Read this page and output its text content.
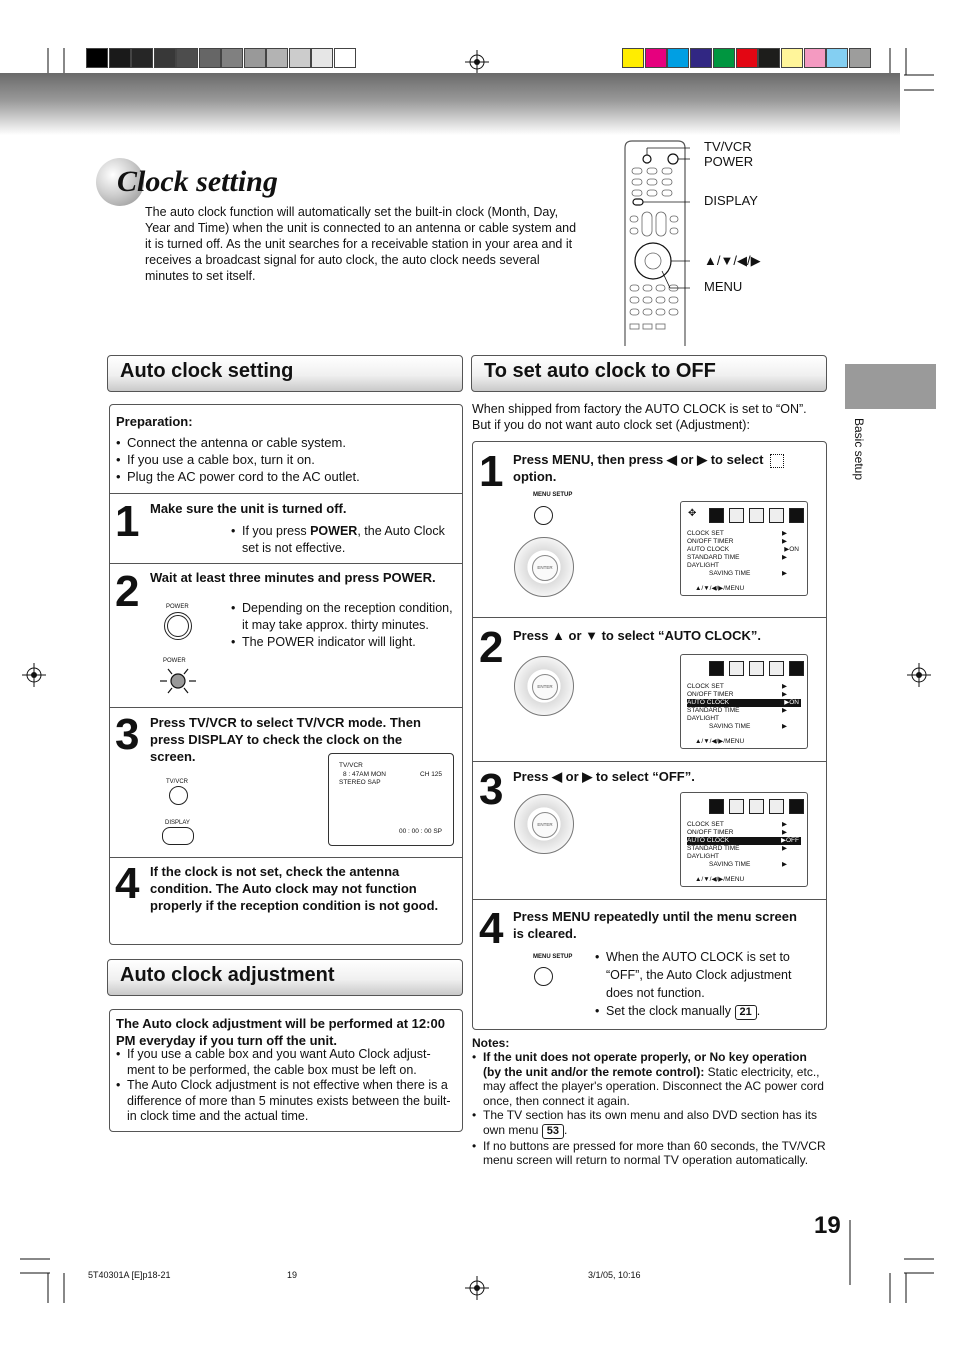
Clock setting
The auto clock function will automatically set the built-in clock (Month, Day, Year and Time) when the unit is connected to an antenna or cable system and it is turned off. As the unit searches for a receivable station in your area and it receives a broadcast signal for auto clock, the auto clock needs several minutes to set itself.
TV/VCR
POWER
DISPLAY
▲/▼/◀/▶
MENU
Basic setup
Auto clock setting
Preparation:
• Connect the antenna or cable system.
• If you use a cable box, turn it on.
• Plug the AC power cord to the AC outlet.
1 Make sure the unit is turned off.
• If you press POWER, the Auto Clock set is not effective.
2 Wait at least three minutes and press POWER.
POWER
POWER
• Depending on the reception condition, it may take approx. thirty minutes.
• The POWER indicator will light.
3 Press TV/VCR to select TV/VCR mode. Then press DISPLAY to check the clock on the screen.
TV/VCR
DISPLAY
TV/VCR
8 : 47AM MON	CH 125
STEREO SAP
00 : 00 : 00 SP
4 If the clock is not set, check the antenna condition. The Auto clock may not function properly if the reception condition is not good.
Auto clock adjustment
The Auto clock adjustment will be performed at 12:00 PM everyday if you turn off the unit.
• If you use a cable box and you want Auto Clock adjust-ment to be performed, the cable box must be left on.
• The Auto Clock adjustment is not effective when there is a difference of more than 5 minutes exists between the built-in clock time and the actual time.
To set auto clock to OFF
When shipped from factory the AUTO CLOCK is set to “ON”. But if you do not want auto clock set (Adjustment):
1 Press MENU, then press ◀ or ▶ to select
option.
MENU SETUP
ENTER
✥
CLOCK SET	▶
ON/OFF TIMER	▶
AUTO CLOCK	▶ON
STANDARD TIME	▶
DAYLIGHT
SAVING TIME	▶
▲/▼/◀/▶/MENU
2 Press ▲ or ▼ to select “AUTO CLOCK”.
ENTER	CLOCK SET	▶
ON/OFF TIMER	▶
AUTO CLOCK	▶ON
STANDARD TIME	▶
DAYLIGHT
SAVING TIME	▶
▲/▼/◀/▶/MENU
3 Press ◀ or ▶ to select “OFF”.
ENTER	CLOCK SET	▶
ON/OFF TIMER	▶
AUTO CLOCK	▶OFF
STANDARD TIME	▶
DAYLIGHT
SAVING TIME	▶
▲/▼/◀/▶/MENU
4 Press MENU repeatedly until the menu screen is cleared.
MENU SETUP
•	When the AUTO CLOCK is set to “OFF”, the Auto Clock adjustment does not function.
• Set the clock manually 21 .
Notes:
• If the unit does not operate properly, or No key operation (by the unit and/or the remote control): Static electricity, etc., may affect the player's operation. Disconnect the AC power cord once, then connect it again.
• The TV section has its own menu and also DVD section has its own menu 53 .
• If no buttons are pressed for more than 60 seconds, the TV/VCR menu screen will return to normal TV operation automatically.
19
5T40301A [E]p18-21	19	3/1/05, 10:16
